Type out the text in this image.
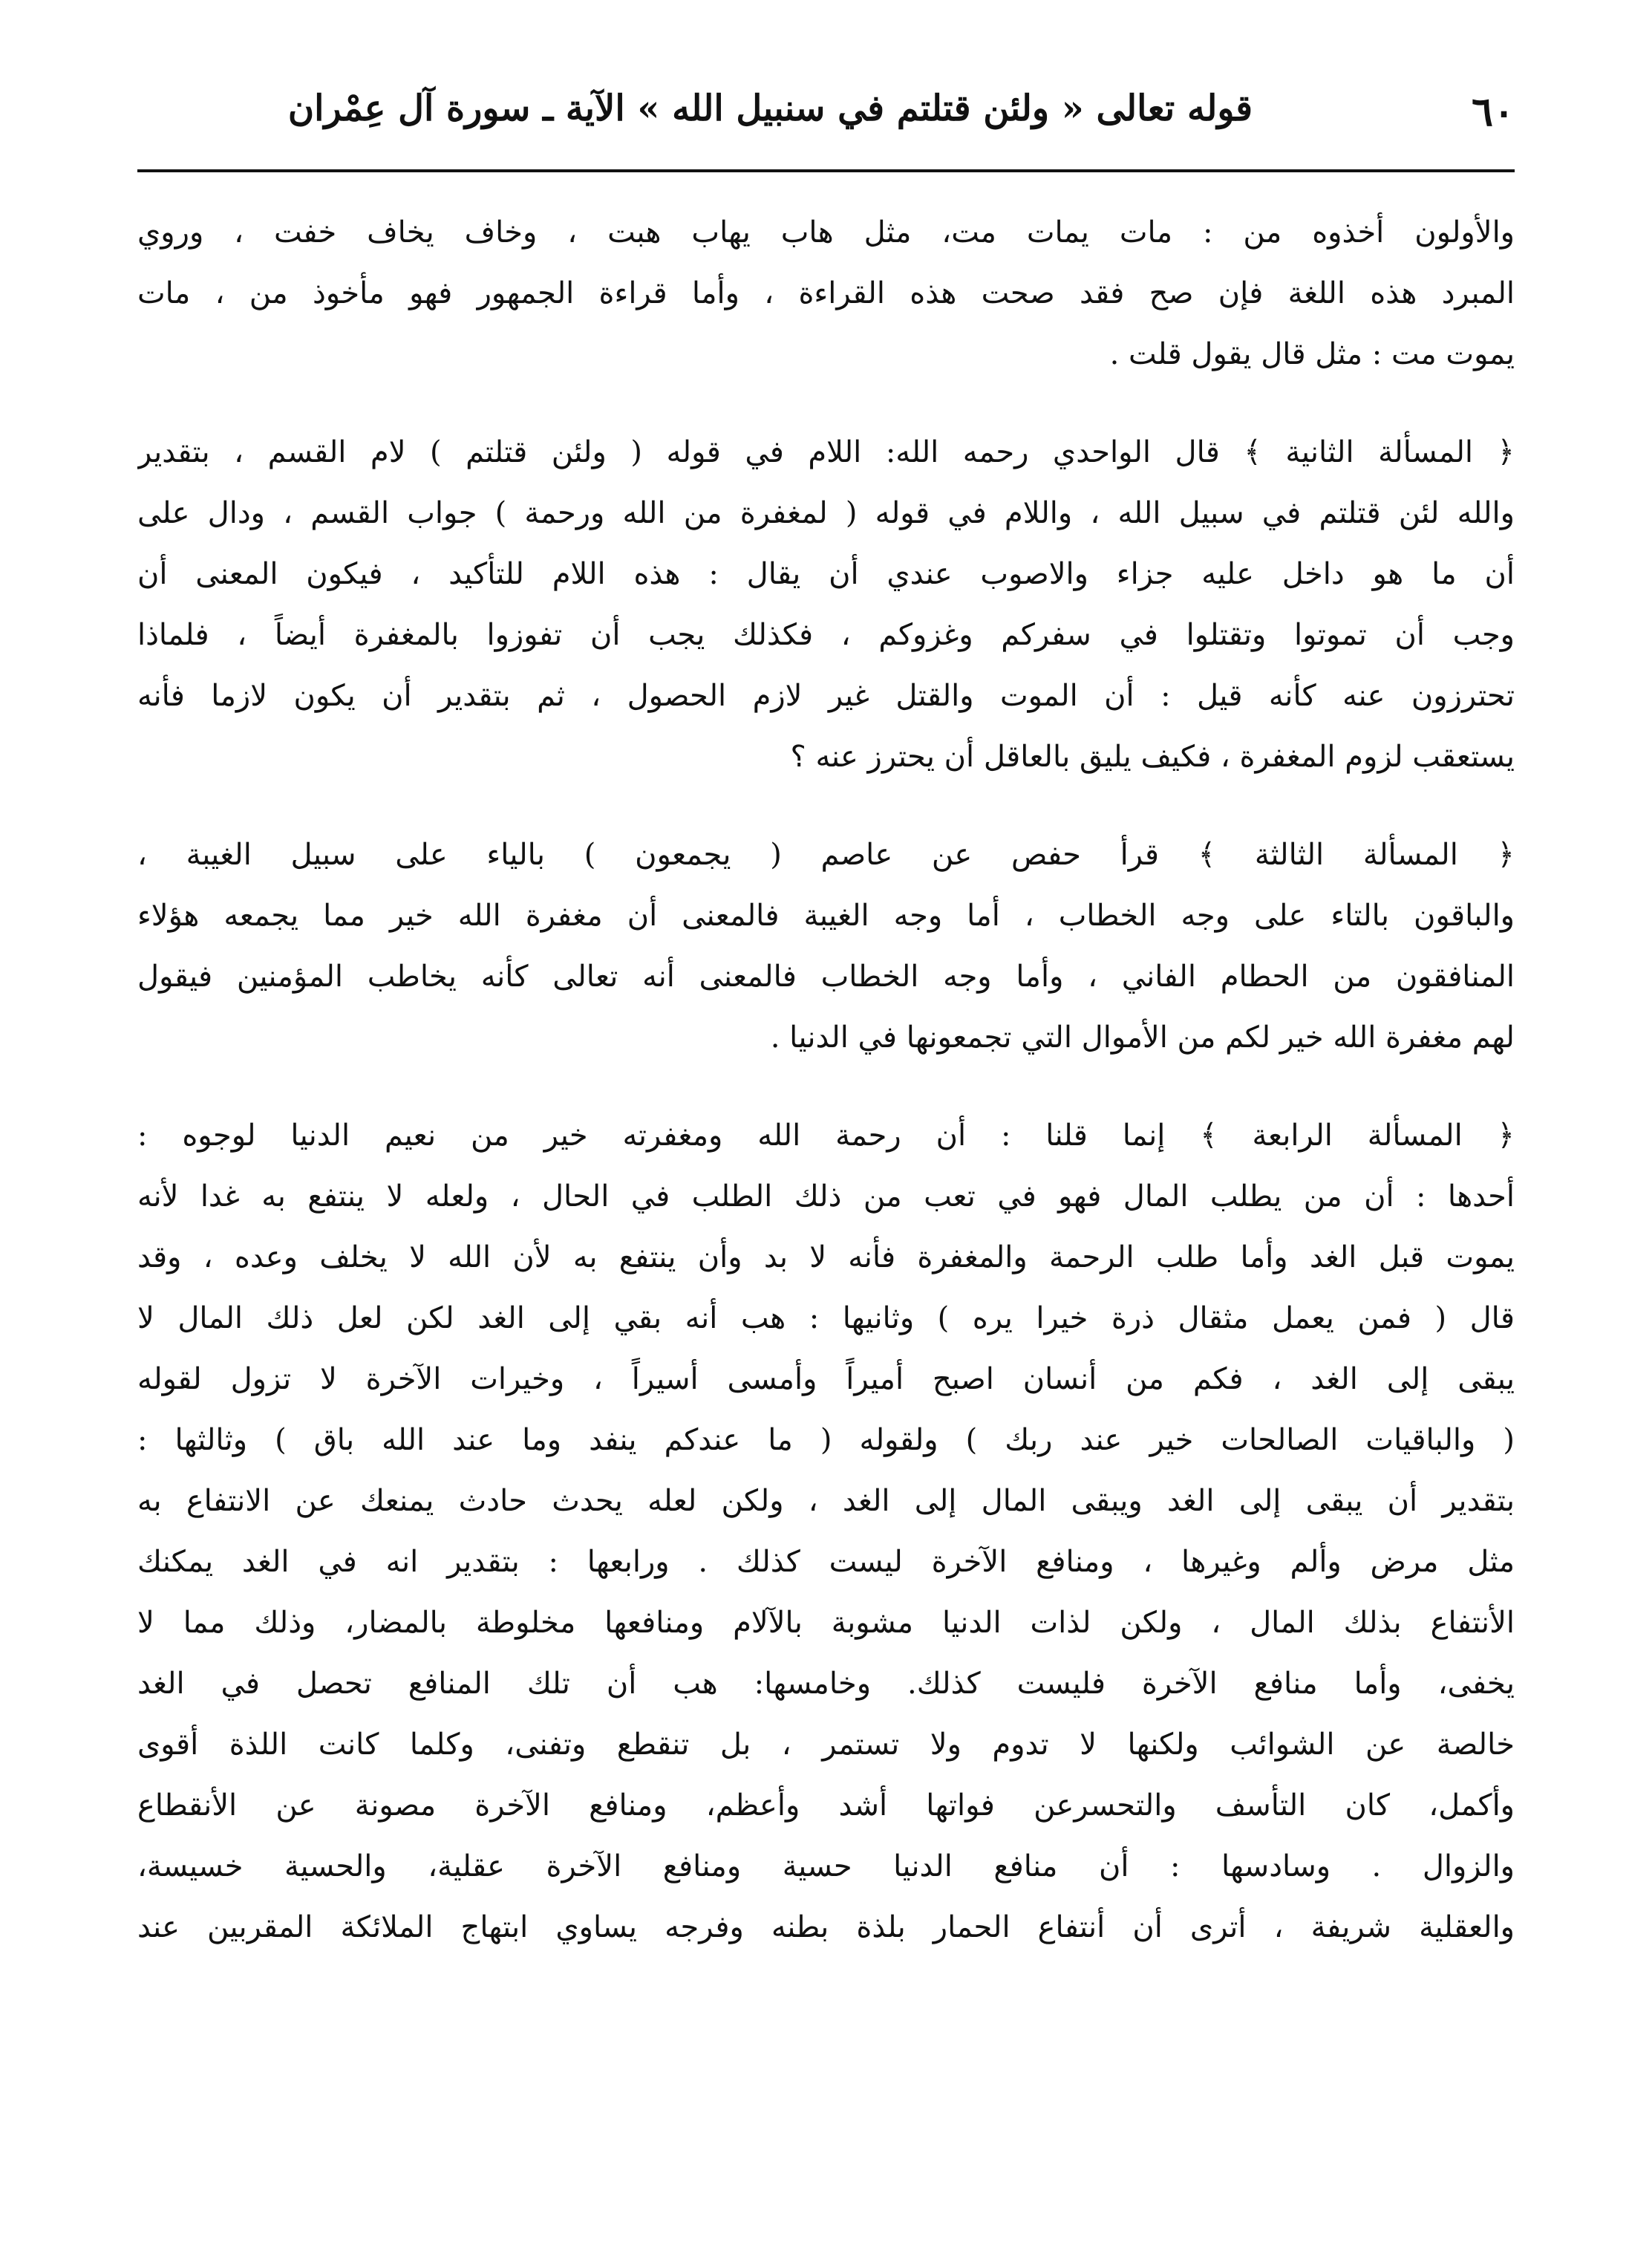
٦٠
قوله تعالى « ولئن قتلتم في سنبيل الله » الآية ـ سورة آل عِمْران
والأولون أخذوه من : مات يمات مت، مثل هاب يهاب هبت ، وخاف يخاف خفت ، وروي
المبرد هذه اللغة فإن صح فقد صحت هذه القراءة ، وأما قراءة الجمهور فهو مأخوذ من ، مات
يموت مت : مثل قال يقول قلت .
﴿ المسألة الثانية ﴾ قال الواحدي رحمه الله: اللام في قوله ( ولئن قتلتم ) لام القسم ، بتقدير
والله لئن قتلتم في سبيل الله ، واللام في قوله ( لمغفرة من الله ورحمة ) جواب القسم ، ودال على
أن ما هو داخل عليه جزاء والاصوب عندي أن يقال : هذه اللام للتأكيد ، فيكون المعنى أن
وجب أن تموتوا وتقتلوا في سفركم وغزوكم ، فكذلك يجب أن تفوزوا بالمغفرة أيضاً ، فلماذا
تحترزون عنه كأنه قيل : أن الموت والقتل غير لازم الحصول ، ثم بتقدير أن يكون لازما فأنه
يستعقب لزوم المغفرة ، فكيف يليق بالعاقل أن يحترز عنه ؟
﴿ المسألة الثالثة ﴾ قرأ حفص عن عاصم ( يجمعون ) بالياء على سبيل الغيبة ،
والباقون بالتاء على وجه الخطاب ، أما وجه الغيبة فالمعنى أن مغفرة الله خير مما يجمعه هؤلاء
المنافقون من الحطام الفاني ، وأما وجه الخطاب فالمعنى أنه تعالى كأنه يخاطب المؤمنين فيقول
لهم مغفرة الله خير لكم من الأموال التي تجمعونها في الدنيا .
﴿ المسألة الرابعة ﴾ إنما قلنا : أن رحمة الله ومغفرته خير من نعيم الدنيا لوجوه :
أحدها : أن من يطلب المال فهو في تعب من ذلك الطلب في الحال ، ولعله لا ينتفع به غدا لأنه
يموت قبل الغد وأما طلب الرحمة والمغفرة فأنه لا بد وأن ينتفع به لأن الله لا يخلف وعده ، وقد
قال ( فمن يعمل مثقال ذرة خيرا يره ) وثانيها : هب أنه بقي إلى الغد لكن لعل ذلك المال لا
يبقى إلى الغد ، فكم من أنسان اصبح أميراً وأمسى أسيراً ، وخيرات الآخرة لا تزول لقوله
( والباقيات الصالحات خير عند ربك ) ولقوله ( ما عندكم ينفد وما عند الله باق ) وثالثها :
بتقدير أن يبقى إلى الغد ويبقى المال إلى الغد ، ولكن لعله يحدث حادث يمنعك عن الانتفاع به
مثل مرض وألم وغيرها ، ومنافع الآخرة ليست كذلك . ورابعها : بتقدير انه في الغد يمكنك
الأنتفاع بذلك المال ، ولكن لذات الدنيا مشوبة بالآلام ومنافعها مخلوطة بالمضار، وذلك مما لا
يخفى، وأما منافع الآخرة فليست كذلك. وخامسها: هب أن تلك المنافع تحصل في الغد
خالصة عن الشوائب ولكنها لا تدوم ولا تستمر ، بل تنقطع وتفنى، وكلما كانت اللذة أقوى
وأكمل، كان التأسف والتحسرعن فواتها أشد وأعظم، ومنافع الآخرة مصونة عن الأنقطاع
والزوال . وسادسها : أن منافع الدنيا حسية ومنافع الآخرة عقلية، والحسية خسيسة،
والعقلية شريفة ، أترى أن أنتفاع الحمار بلذة بطنه وفرجه يساوي ابتهاج الملائكة المقربين عند
